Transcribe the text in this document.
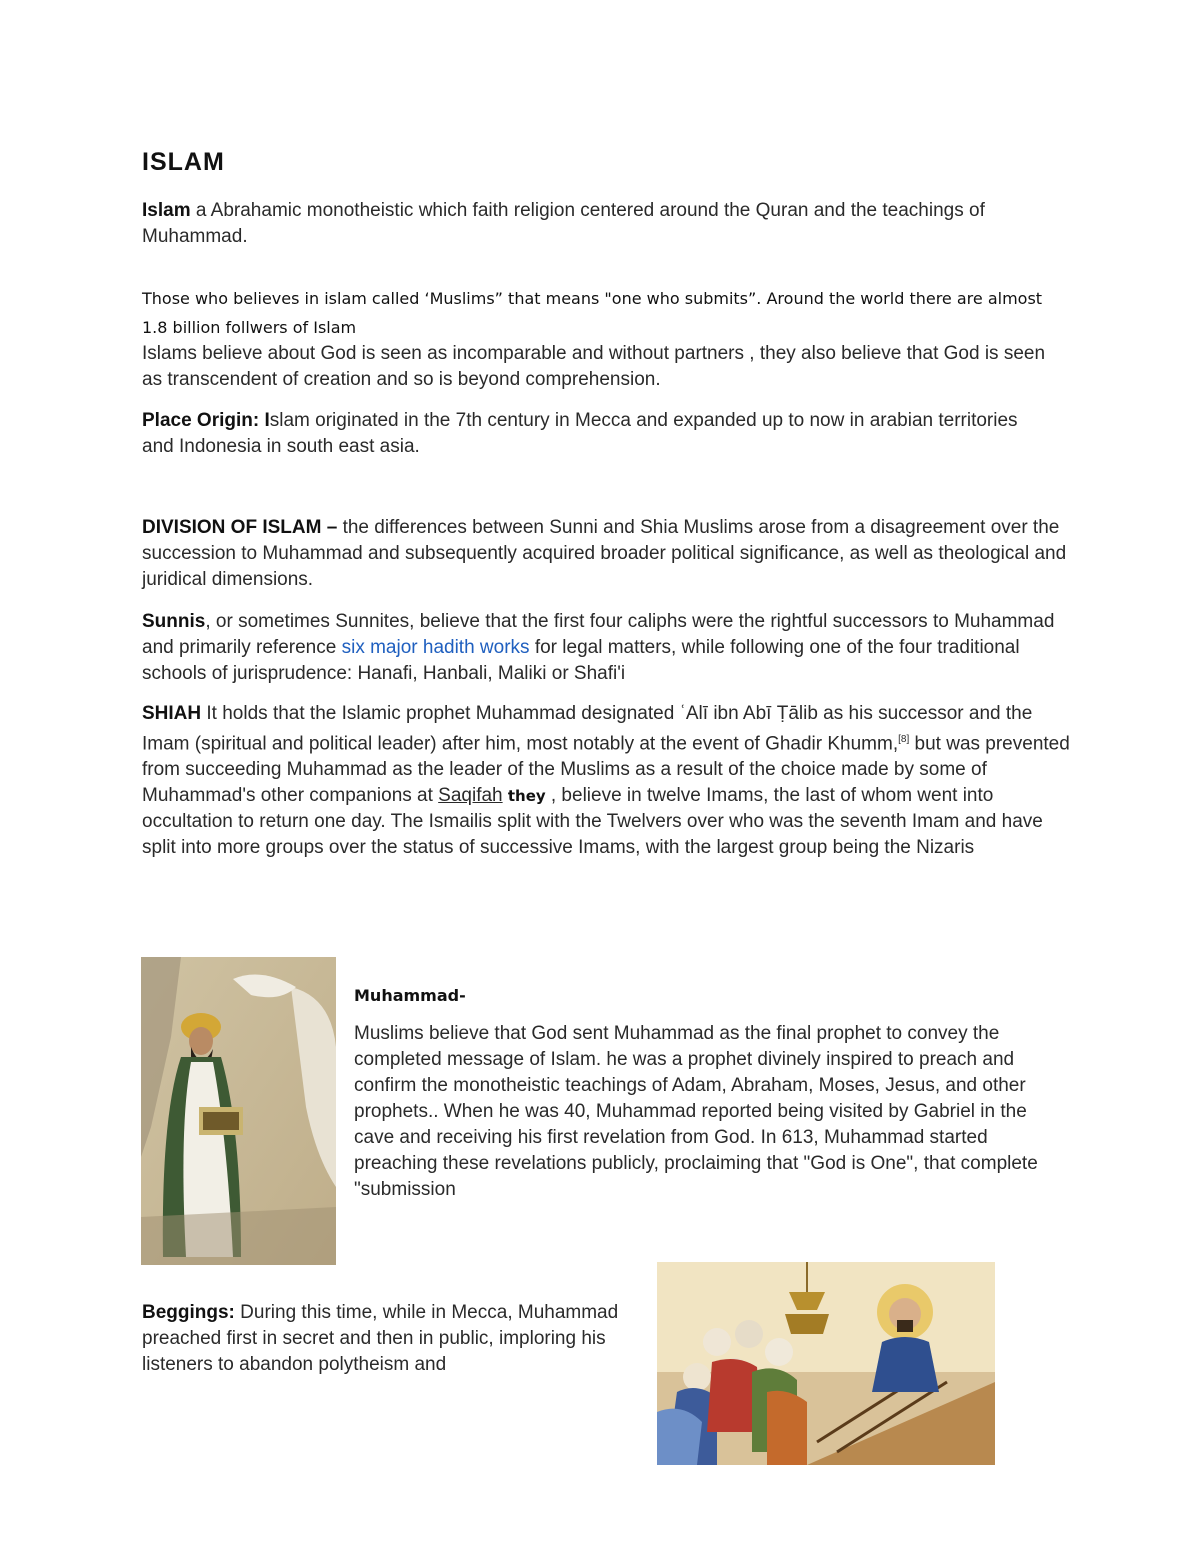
ISLAM

Islam a Abrahamic monotheistic which faith religion centered around the Quran and the teachings of Muhammad.

Those who believes in islam called ‘Muslims” that means "one who submits”. Around the world there are almost 1.8 billion follwers of Islam

Islams believe about God is seen as incomparable and without partners , they also believe that God is seen as transcendent of creation and so is beyond comprehension.

Place Origin: Islam originated in the 7th century in Mecca and expanded up to now in arabian territories and Indonesia in south east asia.

DIVISION OF ISLAM – the differences between Sunni and Shia Muslims arose from a disagreement over the succession to Muhammad and subsequently acquired broader political significance, as well as theological and juridical dimensions.

Sunnis, or sometimes Sunnites, believe that the first four caliphs were the rightful successors to Muhammad and primarily reference six major hadith works for legal matters, while following one of the four traditional schools of jurisprudence: Hanafi, Hanbali, Maliki or Shafi'i

SHIAH It holds that the Islamic prophet Muhammad designated ʿAlī ibn Abī Ṭālib as his successor and the Imam (spiritual and political leader) after him, most notably at the event of Ghadir Khumm,[8] but was prevented from succeeding Muhammad as the leader of the Muslims as a result of the choice made by some of Muhammad's other companions at Saqifah they , believe in twelve Imams, the last of whom went into occultation to return one day. The Ismailis split with the Twelvers over who was the seventh Imam and have split into more groups over the status of successive Imams, with the largest group being the Nizaris

Muhammad-

Muslims believe that God sent Muhammad as the final prophet to convey the completed message of Islam. he was a prophet divinely inspired to preach and confirm the monotheistic teachings of Adam, Abraham, Moses, Jesus, and other prophets.. When he was 40, Muhammad reported being visited by Gabriel in the cave and receiving his first revelation from God. In 613, Muhammad started preaching these revelations publicly, proclaiming that "God is One", that complete "submission

Beggings: During this time, while in Mecca, Muhammad preached first in secret and then in public, imploring his listeners to abandon polytheism and
